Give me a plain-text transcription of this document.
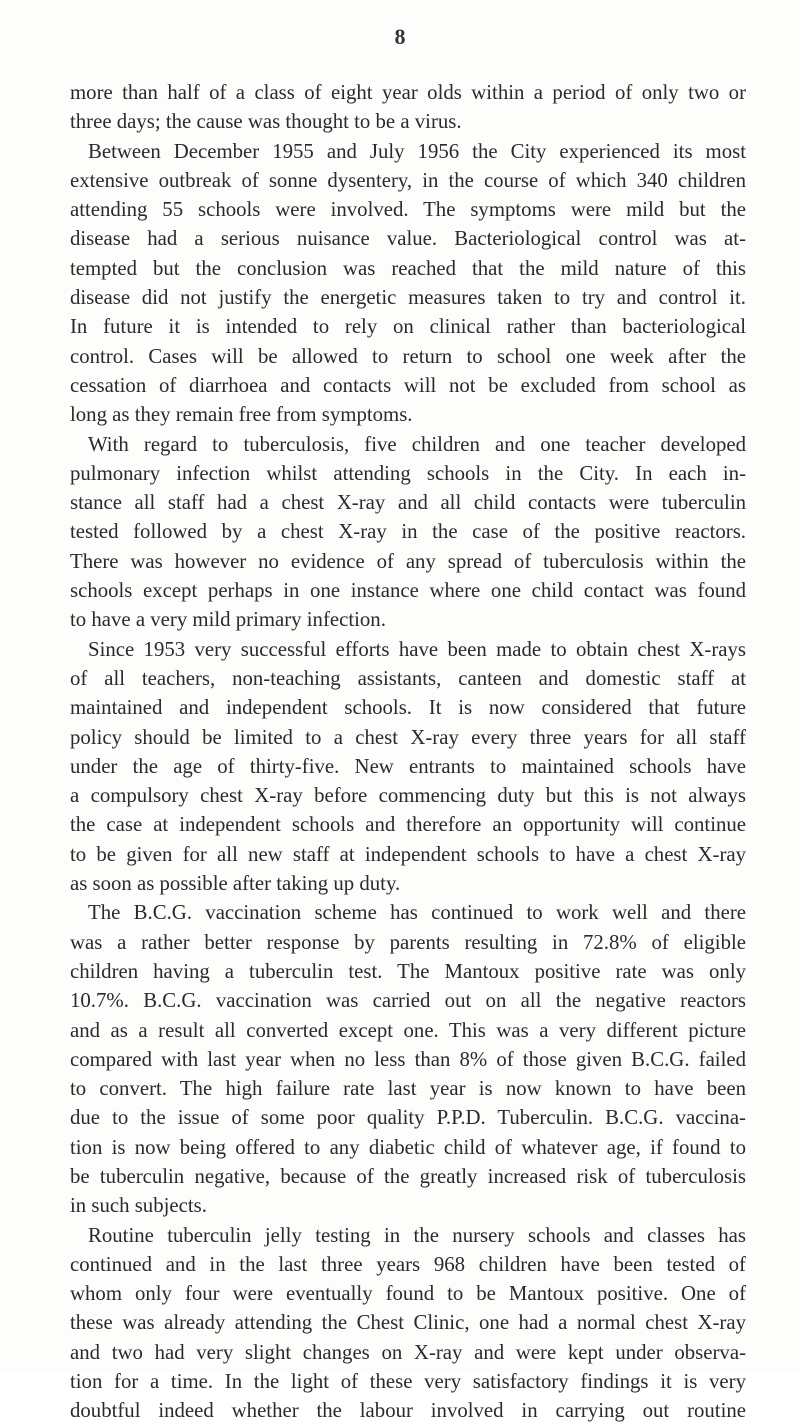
8
more than half of a class of eight year olds within a period of only two or
three days; the cause was thought to be a virus.
Between December 1955 and July 1956 the City experienced its most
extensive outbreak of sonne dysentery, in the course of which 340 children
attending 55 schools were involved. The symptoms were mild but the
disease had a serious nuisance value. Bacteriological control was at-
tempted but the conclusion was reached that the mild nature of this
disease did not justify the energetic measures taken to try and control it.
In future it is intended to rely on clinical rather than bacteriological
control. Cases will be allowed to return to school one week after the
cessation of diarrhoea and contacts will not be excluded from school as
long as they remain free from symptoms.
With regard to tuberculosis, five children and one teacher developed
pulmonary infection whilst attending schools in the City. In each in-
stance all staff had a chest X-ray and all child contacts were tuberculin
tested followed by a chest X-ray in the case of the positive reactors.
There was however no evidence of any spread of tuberculosis within the
schools except perhaps in one instance where one child contact was found
to have a very mild primary infection.
Since 1953 very successful efforts have been made to obtain chest X-rays
of all teachers, non-teaching assistants, canteen and domestic staff at
maintained and independent schools. It is now considered that future
policy should be limited to a chest X-ray every three years for all staff
under the age of thirty-five. New entrants to maintained schools have
a compulsory chest X-ray before commencing duty but this is not always
the case at independent schools and therefore an opportunity will continue
to be given for all new staff at independent schools to have a chest X-ray
as soon as possible after taking up duty.
The B.C.G. vaccination scheme has continued to work well and there
was a rather better response by parents resulting in 72.8% of eligible
children having a tuberculin test. The Mantoux positive rate was only
10.7%. B.C.G. vaccination was carried out on all the negative reactors
and as a result all converted except one. This was a very different picture
compared with last year when no less than 8% of those given B.C.G. failed
to convert. The high failure rate last year is now known to have been
due to the issue of some poor quality P.P.D. Tuberculin. B.C.G. vaccina-
tion is now being offered to any diabetic child of whatever age, if found to
be tuberculin negative, because of the greatly increased risk of tuberculosis
in such subjects.
Routine tuberculin jelly testing in the nursery schools and classes has
continued and in the last three years 968 children have been tested of
whom only four were eventually found to be Mantoux positive. One of
these was already attending the Chest Clinic, one had a normal chest X-ray
and two had very slight changes on X-ray and were kept under observa-
tion for a time. In the light of these very satisfactory findings it is very
doubtful indeed whether the labour involved in carrying out routine
